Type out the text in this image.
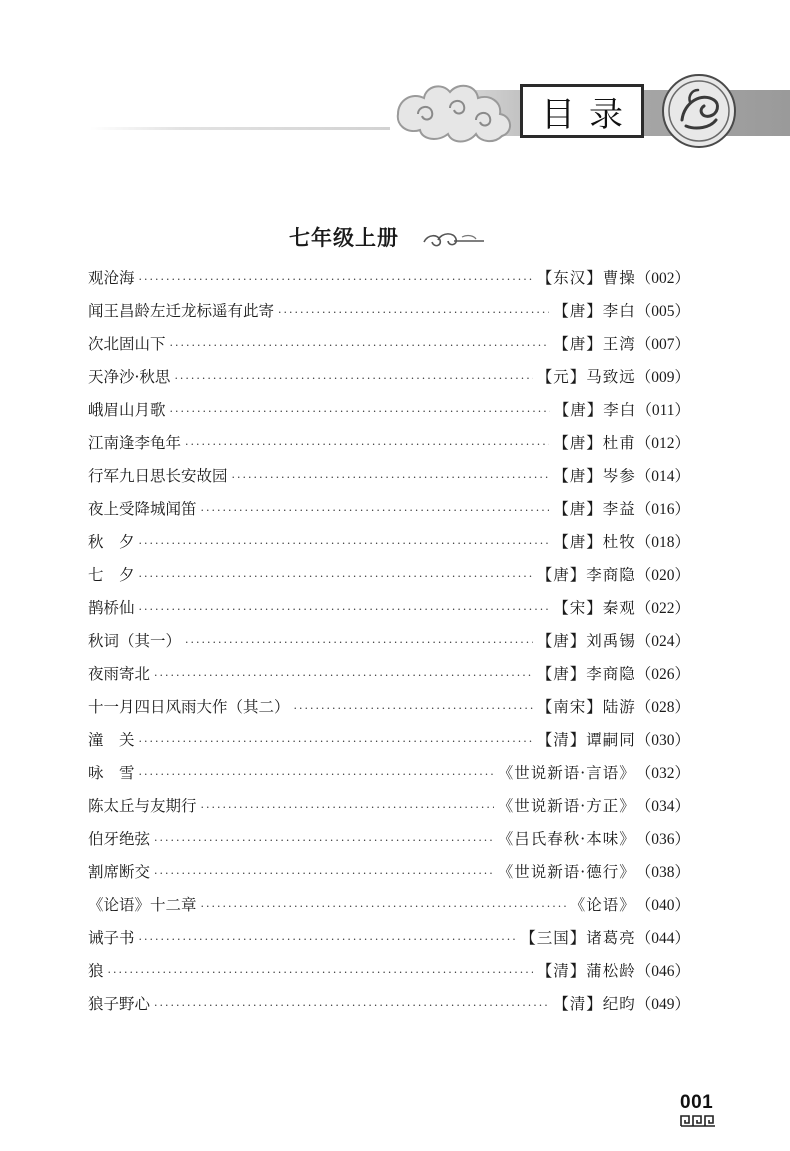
目录
七年级上册
观沧海 ·····	【东汉】曹操 （002）
闻王昌龄左迁龙标遥有此寄 ·····	【唐】李白 （005）
次北固山下 ·····	【唐】王湾 （007）
天净沙·秋思 ·····	【元】马致远 （009）
峨眉山月歌 ·····	【唐】李白 （011）
江南逢李龟年 ·····	【唐】杜甫 （012）
行军九日思长安故园 ·····	【唐】岑参 （014）
夜上受降城闻笛 ·····	【唐】李益 （016）
秋　夕 ·····	【唐】杜牧 （018）
七　夕 ·····	【唐】李商隐 （020）
鹊桥仙 ·····	【宋】秦观 （022）
秋词（其一） ·····	【唐】刘禹锡 （024）
夜雨寄北 ·····	【唐】李商隐 （026）
十一月四日风雨大作（其二） ·····	【南宋】陆游 （028）
潼　关 ·····	【清】谭嗣同 （030）
咏　雪 ·····	《世说新语·言语》 （032）
陈太丘与友期行 ·····	《世说新语·方正》 （034）
伯牙绝弦 ·····	《吕氏春秋·本味》 （036）
割席断交 ·····	《世说新语·德行》 （038）
《论语》十二章 ·····	《论语》 （040）
诫子书 ·····	【三国】诸葛亮 （044）
狼 ·····	【清】蒲松龄 （046）
狼子野心 ·····	【清】纪昀 （049）
001
